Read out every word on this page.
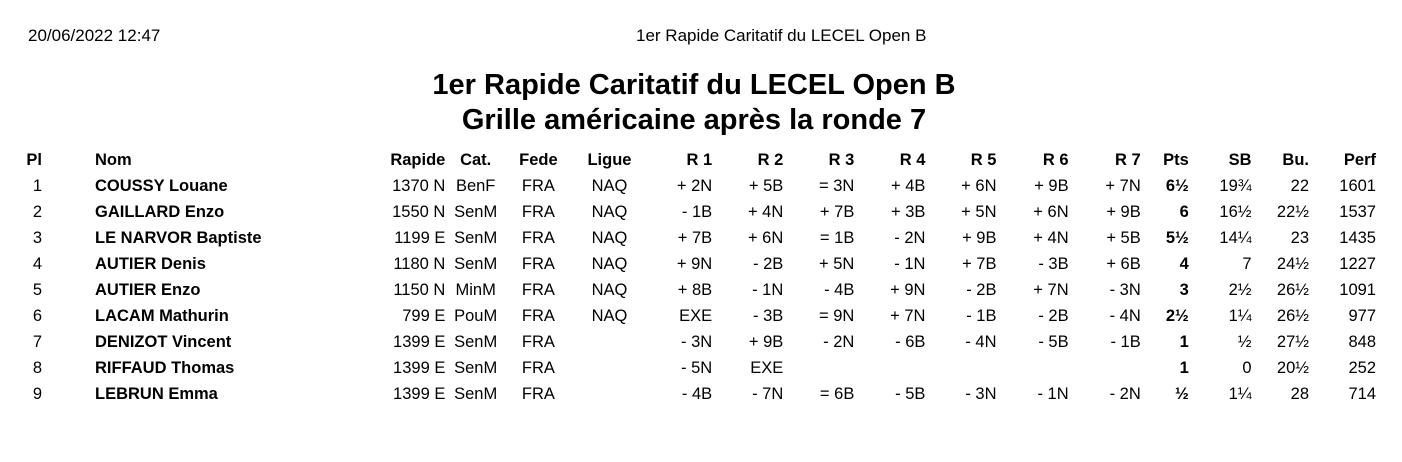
20/06/2022 12:47	1er Rapide Caritatif du LECEL Open B
1er Rapide Caritatif du LECEL Open B
Grille américaine après la ronde 7
Pl	Nom	Rapide	Cat.	Fede	Ligue	R 1	R 2	R 3	R 4	R 5	R 6	R 7	Pts	SB	Bu.	Perf
1	COUSSY Louane	1370 N	BenF	FRA	NAQ	+ 2N	+ 5B	= 3N	+ 4B	+ 6N	+ 9B	+ 7N	6½	19¾	22	1601
2	GAILLARD Enzo	1550 N	SenM	FRA	NAQ	- 1B	+ 4N	+ 7B	+ 3B	+ 5N	+ 6N	+ 9B	6	16½	22½	1537
3	LE NARVOR Baptiste	1199 E	SenM	FRA	NAQ	+ 7B	+ 6N	= 1B	- 2N	+ 9B	+ 4N	+ 5B	5½	14¼	23	1435
4	AUTIER Denis	1180 N	SenM	FRA	NAQ	+ 9N	- 2B	+ 5N	- 1N	+ 7B	- 3B	+ 6B	4	7	24½	1227
5	AUTIER Enzo	1150 N	MinM	FRA	NAQ	+ 8B	- 1N	- 4B	+ 9N	- 2B	+ 7N	- 3N	3	2½	26½	1091
6	LACAM Mathurin	799 E	PouM	FRA	NAQ	EXE	- 3B	= 9N	+ 7N	- 1B	- 2B	- 4N	2½	1¼	26½	977
7	DENIZOT Vincent	1399 E	SenM	FRA		- 3N	+ 9B	- 2N	- 6B	- 4N	- 5B	- 1B	1	½	27½	848
8	RIFFAUD Thomas	1399 E	SenM	FRA		- 5N	EXE						1	0	20½	252
9	LEBRUN Emma	1399 E	SenM	FRA		- 4B	- 7N	= 6B	- 5B	- 3N	- 1N	- 2N	½	1¼	28	714
